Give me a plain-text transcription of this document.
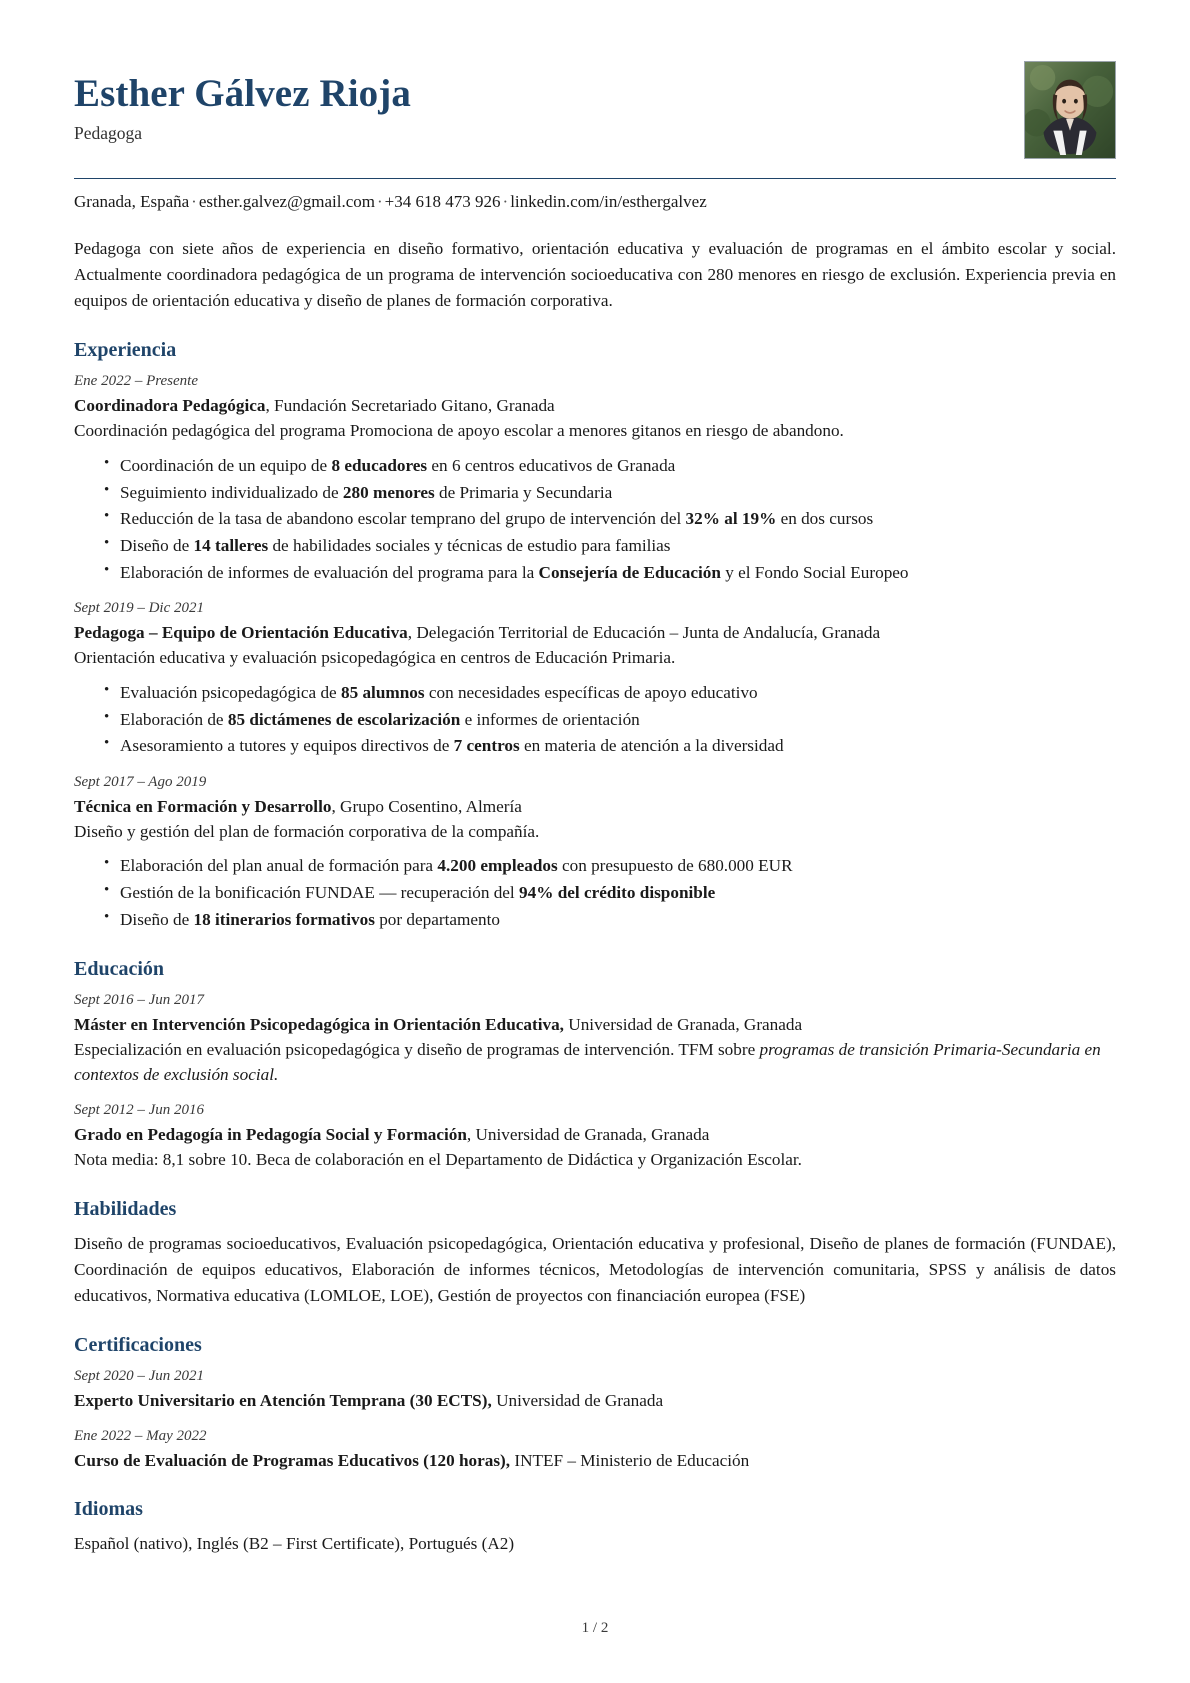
Esther Gálvez Rioja
Pedagoga
Granada, España · esther.galvez@gmail.com · +34 618 473 926 · linkedin.com/in/esthergalvez
Pedagoga con siete años de experiencia en diseño formativo, orientación educativa y evaluación de programas en el ámbito escolar y social. Actualmente coordinadora pedagógica de un programa de intervención socioeducativa con 280 menores en riesgo de exclusión. Experiencia previa en equipos de orientación educativa y diseño de planes de formación corporativa.
Experiencia
Ene 2022 – Presente
Coordinadora Pedagógica, Fundación Secretariado Gitano, Granada
Coordinación pedagógica del programa Promociona de apoyo escolar a menores gitanos en riesgo de abandono.
• Coordinación de un equipo de 8 educadores en 6 centros educativos de Granada
• Seguimiento individualizado de 280 menores de Primaria y Secundaria
• Reducción de la tasa de abandono escolar temprano del grupo de intervención del 32% al 19% en dos cursos
• Diseño de 14 talleres de habilidades sociales y técnicas de estudio para familias
• Elaboración de informes de evaluación del programa para la Consejería de Educación y el Fondo Social Europeo
Sept 2019 – Dic 2021
Pedagoga – Equipo de Orientación Educativa, Delegación Territorial de Educación – Junta de Andalucía, Granada
Orientación educativa y evaluación psicopedagógica en centros de Educación Primaria.
• Evaluación psicopedagógica de 85 alumnos con necesidades específicas de apoyo educativo
• Elaboración de 85 dictámenes de escolarización e informes de orientación
• Asesoramiento a tutores y equipos directivos de 7 centros en materia de atención a la diversidad
Sept 2017 – Ago 2019
Técnica en Formación y Desarrollo, Grupo Cosentino, Almería
Diseño y gestión del plan de formación corporativa de la compañía.
• Elaboración del plan anual de formación para 4.200 empleados con presupuesto de 680.000 EUR
• Gestión de la bonificación FUNDAE — recuperación del 94% del crédito disponible
• Diseño de 18 itinerarios formativos por departamento
Educación
Sept 2016 – Jun 2017
Máster en Intervención Psicopedagógica in Orientación Educativa, Universidad de Granada, Granada
Especialización en evaluación psicopedagógica y diseño de programas de intervención. TFM sobre programas de transición Primaria-Secundaria en contextos de exclusión social.
Sept 2012 – Jun 2016
Grado en Pedagogía in Pedagogía Social y Formación, Universidad de Granada, Granada
Nota media: 8,1 sobre 10. Beca de colaboración en el Departamento de Didáctica y Organización Escolar.
Habilidades
Diseño de programas socioeducativos, Evaluación psicopedagógica, Orientación educativa y profesional, Diseño de planes de formación (FUNDAE), Coordinación de equipos educativos, Elaboración de informes técnicos, Metodologías de intervención comunitaria, SPSS y análisis de datos educativos, Normativa educativa (LOMLOE, LOE), Gestión de proyectos con financiación europea (FSE)
Certificaciones
Sept 2020 – Jun 2021
Experto Universitario en Atención Temprana (30 ECTS), Universidad de Granada
Ene 2022 – May 2022
Curso de Evaluación de Programas Educativos (120 horas), INTEF – Ministerio de Educación
Idiomas
Español (nativo), Inglés (B2 – First Certificate), Portugués (A2)
1 / 2
